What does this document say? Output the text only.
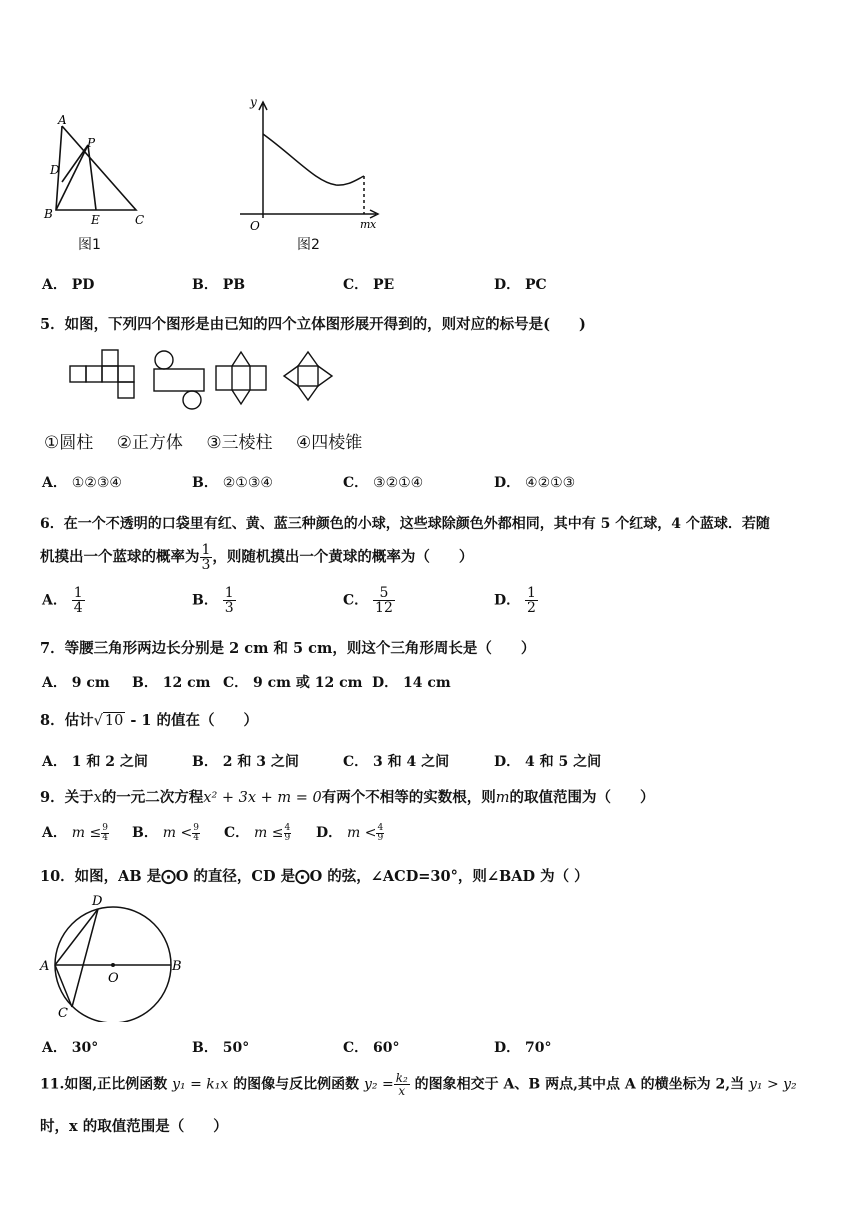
A
P
D
B	E	C
图1
y
O	m x
图2
A． PD	B． PB	C． PE	D． PC
5．如图，下列四个图形是由已知的四个立体图形展开得到的，则对应的标号是(　　)
①圆柱 ②正方体 ③三棱柱 ④四棱锥
A． ①②③④	B． ②①③④	C． ③②①④	D． ④②①③
6．在一个不透明的口袋里有红、黄、蓝三种颜色的小球，这些球除颜色外都相同，其中有 5 个红球，4 个蓝球．若随
机摸出一个蓝球的概率为 $\frac{1}{3}$ ，则随机摸出一个黄球的概率为（　　）
A． $\frac{1}{4}$	B． $\frac{1}{3}$	C． $\frac{5}{12}$	D． $\frac{1}{2}$
7．等腰三角形两边长分别是 2 cm 和 5 cm，则这个三角形周长是（　　）
A． 9 cm B． 12 cm C． 9 cm 或 12 cm D． 14 cm
8．估计√ 10 - 1 的值在（　　）
A． 1 和 2 之间	B． 2 和 3 之间	C． 3 和 4 之间	D． 4 和 5 之间
9．关于x的一元二次方程x² + 3x + m = 0有两个不相等的实数根，则m的取值范围为（　　）
A． $m \le \frac{9}{4}$ B． $m < \frac{9}{4}$ C． $m \le \frac{4}{9}$ D． $m < \frac{4}{9}$
10．如图，AB 是⨀O 的直径，CD 是⨀O 的弦，∠ACD=30°，则∠BAD 为（ ）
D
A
O
B
C
A． 30°	B． 50°	C． 60°	D． 70°
11.如图,正比例函数 y₁ = k₁x 的图像与反比例函数 $y_2 = \frac{\text{k₂}}{x}$ 的图象相交于 A、B 两点,其中点 A 的横坐标为 2,当 y₁ > y₂
时，x 的取值范围是（　　）
